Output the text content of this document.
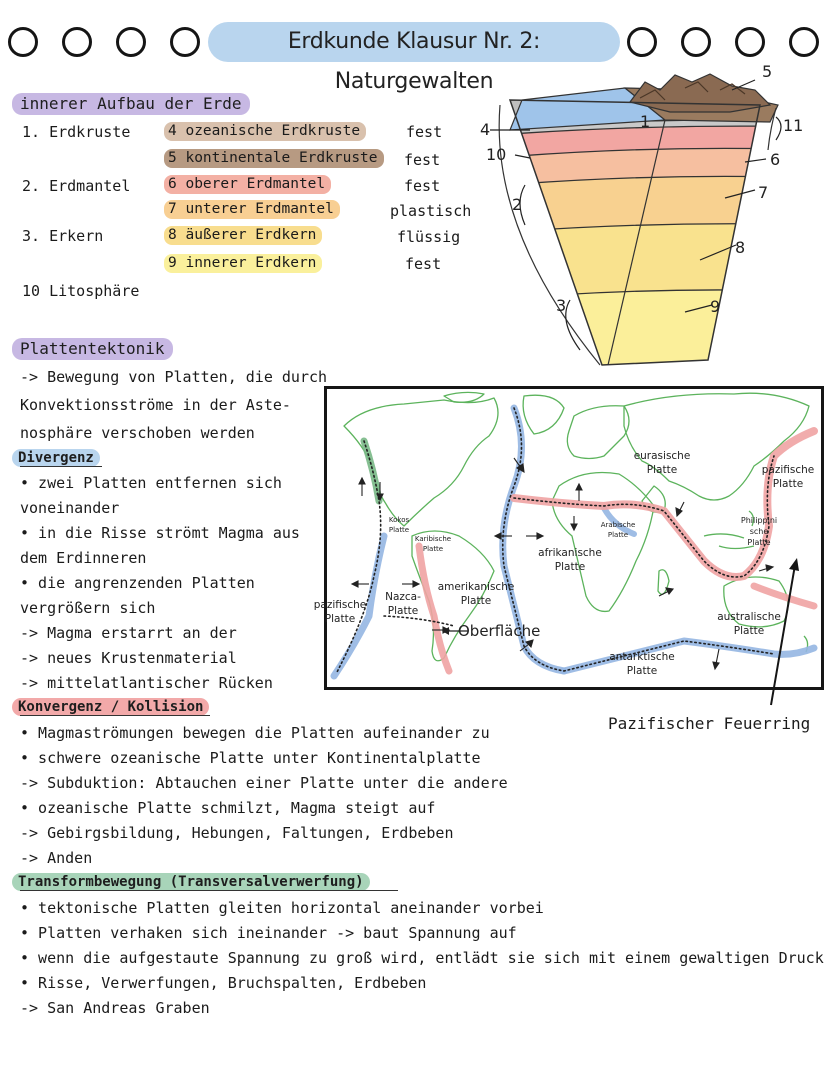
Erdkunde Klausur Nr. 2: Naturgewalten
innerer Aufbau der Erde
1. Erdkruste
2. Erdmantel
3. Erkern
10 Litosphäre
4 ozeanische Erdkruste
5 kontinentale Erdkruste
6 oberer Erdmantel
7 unterer Erdmantel
8 äußerer Erdkern
9 innerer Erdkern
fest
fest
fest
plastisch
flüssig
fest
1
2
3
4
5
6
7
8
9
10
11
Plattentektonik
-> Bewegung von Platten, die durch
Konvektionsströme in der Aste-
nosphäre verschoben werden
Divergenz
• zwei Platten entfernen sich
voneinander
• in die Risse strömt Magma aus
dem Erdinneren
• die angrenzenden Platten
vergrößern sich
-> Magma erstarrt an der
-> neues Krustenmaterial
-> mittelatlantischer Rücken
Konvergenz / Kollision
• Magmaströmungen bewegen die Platten aufeinander zu
• schwere ozeanische Platte unter Kontinentalplatte
-> Subduktion: Abtauchen einer Platte unter die andere
• ozeanische Platte schmilzt, Magma steigt auf
-> Gebirgsbildung, Hebungen, Faltungen, Erdbeben
-> Anden
Transformbewegung (Transversalverwerfung)
• tektonische Platten gleiten horizontal aneinander vorbei
• Platten verhaken sich ineinander -> baut Spannung auf
• wenn die aufgestaute Spannung zu groß wird, entlädt sie sich mit einem gewaltigen Druck
• Risse, Verwerfungen, Bruchspalten, Erdbeben
-> San Andreas Graben
eurasische Platte	pazifische Platte
Philippini sche Platte
Arabische Platte
afrikanische Platte
Kokos Platte
Karibische Platte
amerikanische Platte
Nazca- Platte
pazifische Platte	australische Platte
antarktische Platte
Oberfläche
Pazifischer Feuerring
